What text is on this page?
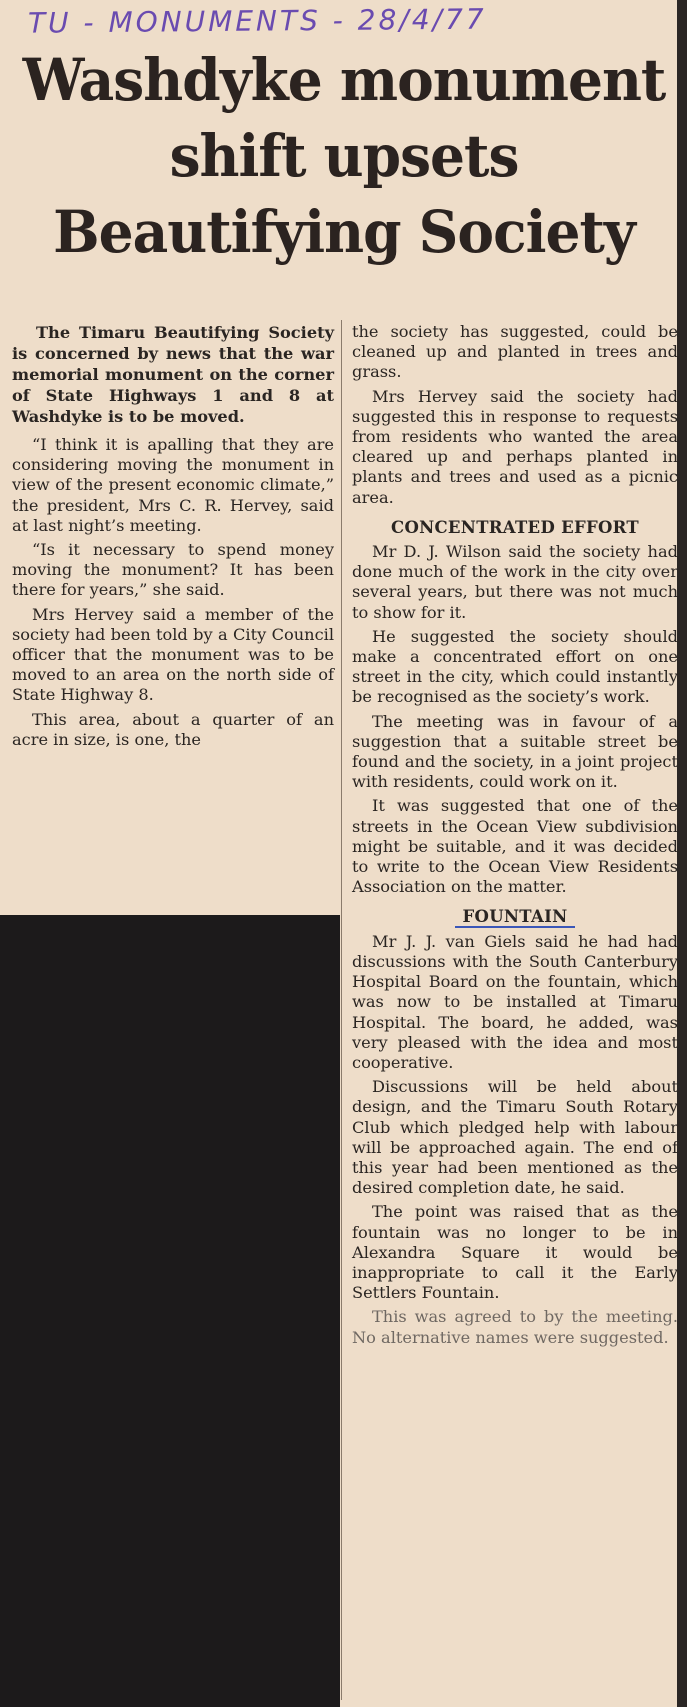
TU - MONUMENTS - 28/4/77
Washdyke monument
shift upsets
Beautifying Society

The Timaru Beautifying Society is concerned by news that the war memorial monument on the corner of State Highways 1 and 8 at Washdyke is to be moved.

“I think it is apalling that they are considering moving the monument in view of the present economic climate,” the president, Mrs C. R. Hervey, said at last night’s meeting.

“Is it necessary to spend money moving the monument? It has been there for years,” she said.

Mrs Hervey said a member of the society had been told by a City Council officer that the monument was to be moved to an area on the north side of State Highway 8.

This area, about a quarter of an acre in size, is one, the

the society has suggested, could be cleaned up and planted in trees and grass.

Mrs Hervey said the society had suggested this in response to requests from residents who wanted the area cleared up and perhaps planted in plants and trees and used as a picnic area.

CONCENTRATED EFFORT

Mr D. J. Wilson said the society had done much of the work in the city over several years, but there was not much to show for it.

He suggested the society should make a concentrated effort on one street in the city, which could instantly be recognised as the society’s work.

The meeting was in favour of a suggestion that a suitable street be found and the society, in a joint project with residents, could work on it.

It was suggested that one of the streets in the Ocean View subdivision might be suitable, and it was decided to write to the Ocean View Residents Association on the matter.

FOUNTAIN

Mr J. J. van Giels said he had had discussions with the South Canterbury Hospital Board on the fountain, which was now to be installed at Timaru Hospital. The board, he added, was very pleased with the idea and most cooperative.

Discussions will be held about design, and the Timaru South Rotary Club which pledged help with labour will be approached again. The end of this year had been mentioned as the desired completion date, he said.

The point was raised that as the fountain was no longer to be in Alexandra Square it would be inappropriate to call it the Early Settlers Fountain.

This was agreed to by the meeting. No alternative names were suggested.
